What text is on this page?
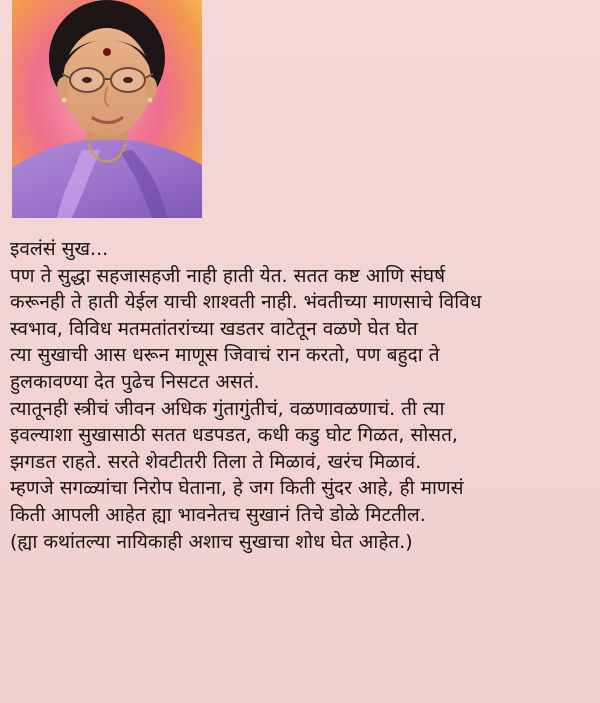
इवलंसं सुख...
पण ते सुद्धा सहजासहजी नाही हाती येत. सतत कष्ट आणि संघर्ष
करूनही ते हाती येईल याची शाश्वती नाही. भंवतीच्या माणसाचे विविध
स्वभाव, विविध मतमतांतरांच्या खडतर वाटेतून वळणे घेत घेत
त्या सुखाची आस धरून माणूस जिवाचं रान करतो, पण बहुदा ते
हुलकावण्या देत पुढेच निसटत असतं.
त्यातूनही स्त्रीचं जीवन अधिक गुंतागुंतीचं, वळणावळणाचं. ती त्या
इवल्याशा सुखासाठी सतत धडपडत, कधी कडु घोट गिळत, सोसत,
झगडत राहते. सरते शेवटीतरी तिला ते मिळावं, खरंच मिळावं.
म्हणजे सगळ्यांचा निरोप घेताना, हे जग किती सुंदर आहे, ही माणसं
किती आपली आहेत ह्या भावनेतच सुखानं तिचे डोळे मिटतील.
(ह्या कथांतल्या नायिकाही अशाच सुखाचा शोध घेत आहेत.)
